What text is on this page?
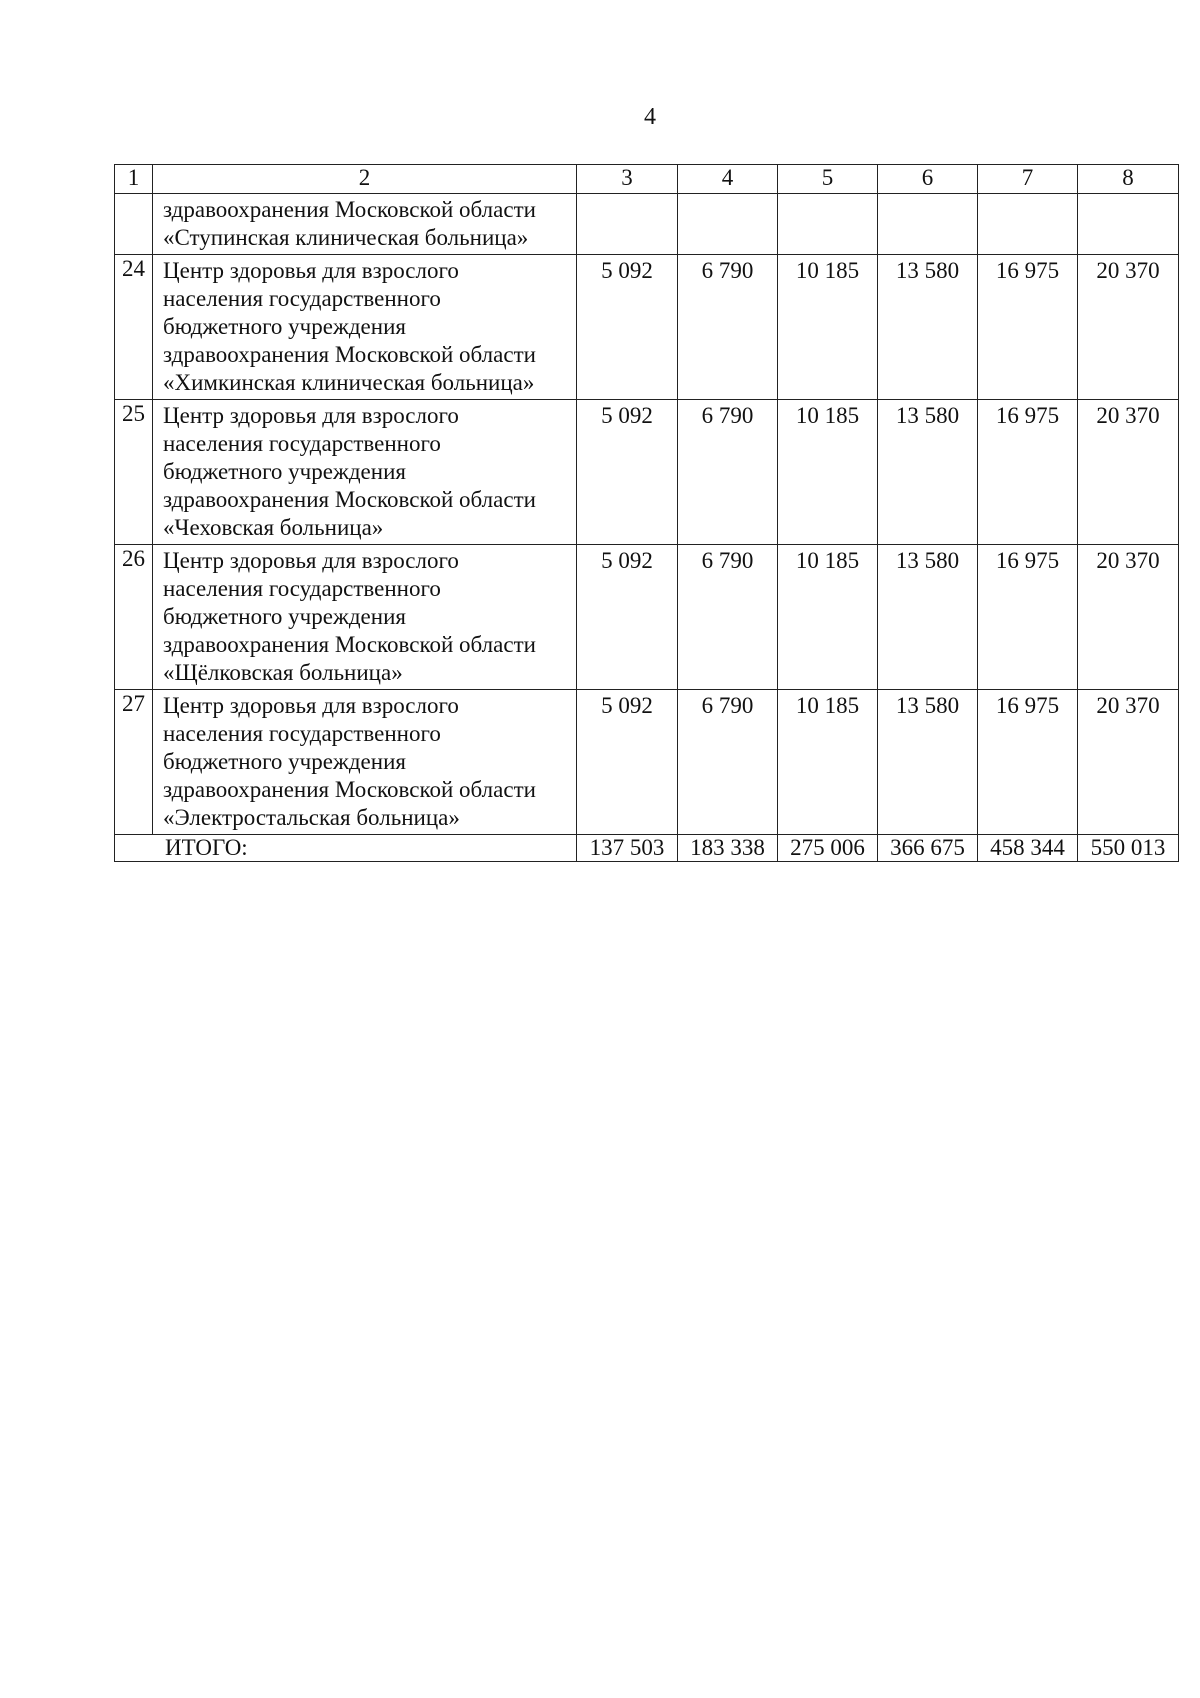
4
1	2	3	4	5	6	7	8

	здравоохранения Московской области
«Ступинская клиническая больница»						

24	Центр здоровья для взрослого
населения государственного
бюджетного учреждения
здравоохранения Московской области
«Химкинская клиническая больница»	5 092	6 790	10 185	13 580	16 975	20 370
25	Центр здоровья для взрослого
населения государственного
бюджетного учреждения
здравоохранения Московской области
«Чеховская больница»	5 092	6 790	10 185	13 580	16 975	20 370
26	Центр здоровья для взрослого
населения государственного
бюджетного учреждения
здравоохранения Московской области
«Щёлковская больница»	5 092	6 790	10 185	13 580	16 975	20 370
27	Центр здоровья для взрослого
населения государственного
бюджетного учреждения
здравоохранения Московской области
«Электростальская больница»	5 092	6 790	10 185	13 580	16 975	20 370
ИТОГО:		137 503	183 338	275 006	366 675	458 344	550 013
